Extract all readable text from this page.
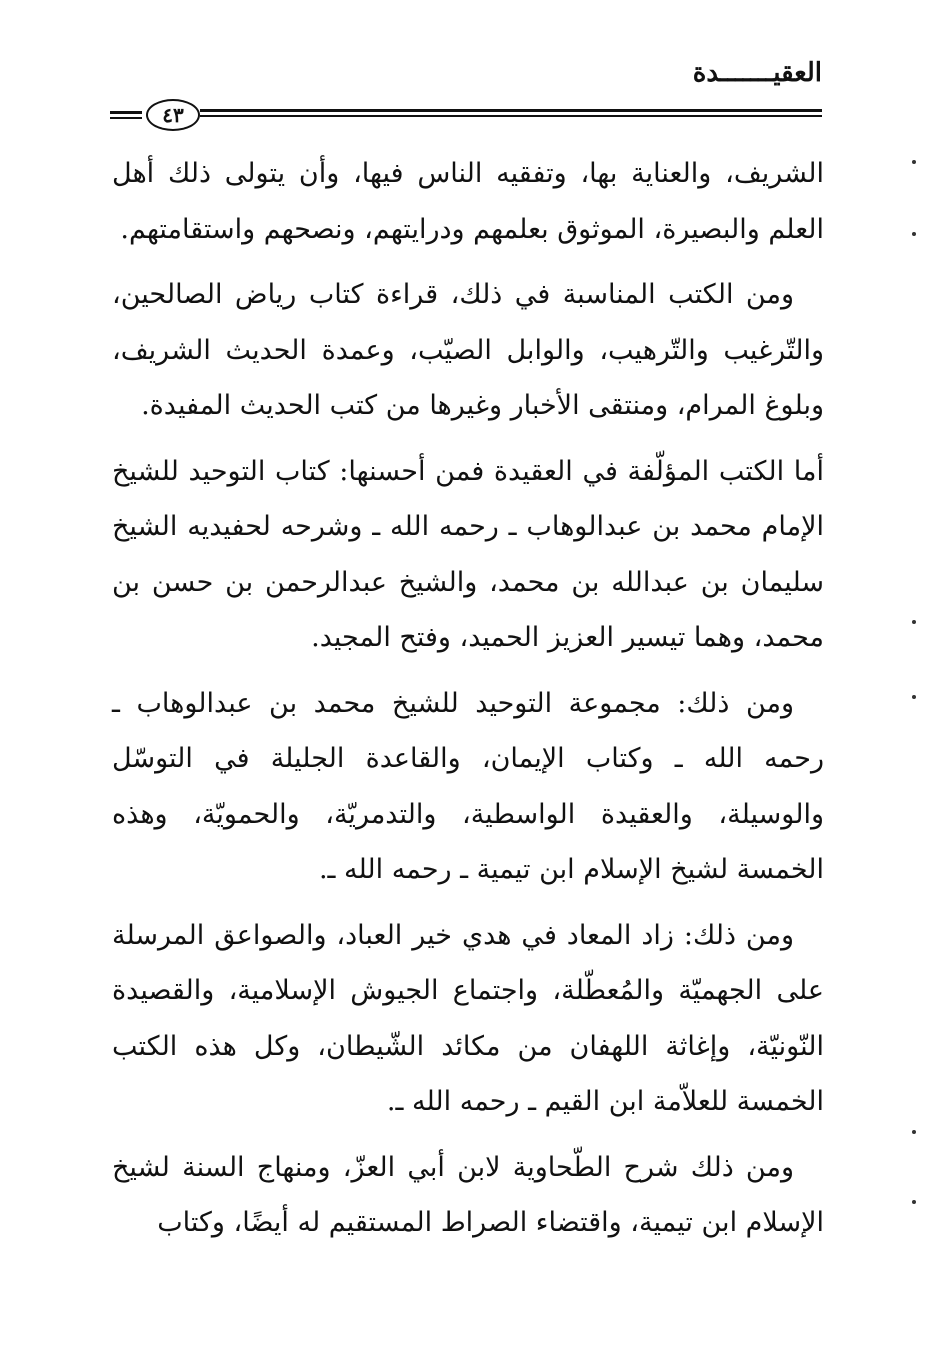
العقيـــــــدة
٤٣

الشريف، والعناية بها، وتفقيه الناس فيها، وأن يتولى ذلك أهل العلم والبصيرة، الموثوق بعلمهم ودرايتهم، ونصحهم واستقامتهم.

ومن الكتب المناسبة في ذلك، قراءة كتاب رياض الصالحين، والتّرغيب والتّرهيب، والوابل الصيّب، وعمدة الحديث الشريف، وبلوغ المرام، ومنتقى الأخبار وغيرها من كتب الحديث المفيدة.

أما الكتب المؤلّفة في العقيدة فمن أحسنها: كتاب التوحيد للشيخ الإمام محمد بن عبدالوهاب ـ رحمه الله ـ وشرحه لحفيديه الشيخ سليمان بن عبدالله بن محمد، والشيخ عبدالرحمن بن حسن بن محمد، وهما تيسير العزيز الحميد، وفتح المجيد.

ومن ذلك: مجموعة التوحيد للشيخ محمد بن عبدالوهاب ـ رحمه الله ـ وكتاب الإيمان، والقاعدة الجليلة في التوسّل والوسيلة، والعقيدة الواسطية، والتدمريّة، والحمويّة، وهذه الخمسة لشيخ الإسلام ابن تيمية ـ رحمه الله ـ.

ومن ذلك: زاد المعاد في هدي خير العباد، والصواعق المرسلة على الجهميّة والمُعطّلة، واجتماع الجيوش الإسلامية، والقصيدة النّونيّة، وإغاثة اللهفان من مكائد الشّيطان، وكل هذه الكتب الخمسة للعلاّمة ابن القيم ـ رحمه الله ـ.

ومن ذلك شرح الطّحاوية لابن أبي العزّ، ومنهاج السنة لشيخ الإسلام ابن تيمية، واقتضاء الصراط المستقيم له أيضًا، وكتاب
